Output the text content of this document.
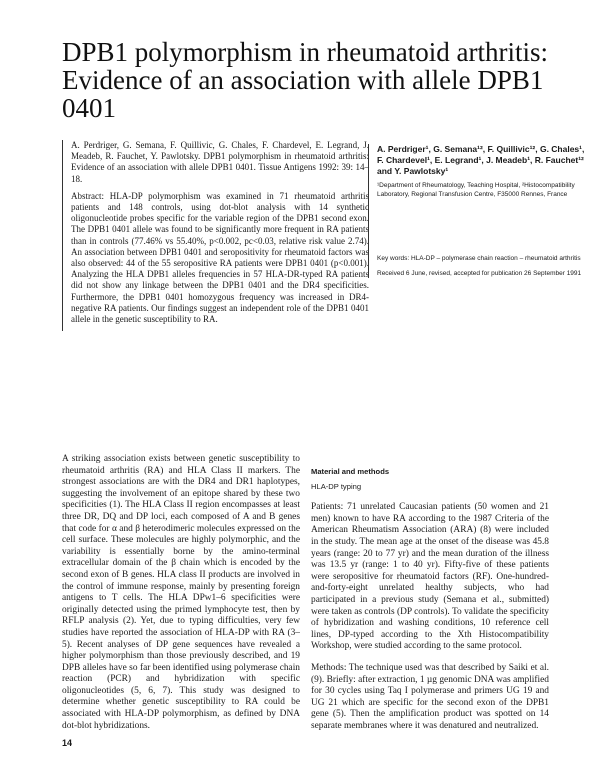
DPB1 polymorphism in rheumatoid arthritis:
Evidence of an association with allele DPB1
0401

A. Perdriger, G. Semana, F. Quillivic, G. Chales, F. Chardevel, E. Legrand, J. Meadeb, R. Fauchet, Y. Pawlotsky. DPB1 polymorphism in rheumatoid arthritis: Evidence of an association with allele DPB1 0401. Tissue Antigens 1992: 39: 14–18.

Abstract: HLA-DP polymorphism was examined in 71 rheumatoid arthritis patients and 148 controls, using dot-blot analysis with 14 synthetic oligonucleotide probes specific for the variable region of the DPB1 second exon. The DPB1 0401 allele was found to be significantly more frequent in RA patients than in controls (77.46% vs 55.40%, p<0.002, pc<0.03, relative risk value 2.74). An association between DPB1 0401 and seropositivity for rheumatoid factors was also observed: 44 of the 55 seropositive RA patients were DPB1 0401 (p<0.001). Analyzing the HLA DPB1 alleles frequencies in 57 HLA-DR-typed RA patients did not show any linkage between the DPB1 0401 and the DR4 specificities. Furthermore, the DPB1 0401 homozygous frequency was increased in DR4-negative RA patients. Our findings suggest an independent role of the DPB1 0401 allele in the genetic susceptibility to RA.

A. Perdriger¹, G. Semana¹², F. Quillivic¹², G. Chales¹, F. Chardevel¹, E. Legrand¹, J. Meadeb¹, R. Fauchet¹² and Y. Pawlotsky¹

¹Department of Rheumatology, Teaching Hospital, ²Histocompatibility Laboratory, Regional Transfusion Centre, F35000 Rennes, France

Key words: HLA-DP – polymerase chain reaction – rheumatoid arthritis

Received 6 June, revised, accepted for publication 26 September 1991

A striking association exists between genetic susceptibility to rheumatoid arthritis (RA) and HLA Class II markers. The strongest associations are with the DR4 and DR1 haplotypes, suggesting the involvement of an epitope shared by these two specificities (1). The HLA Class II region encompasses at least three DR, DQ and DP loci, each composed of A and B genes that code for α and β heterodimeric molecules expressed on the cell surface. These molecules are highly polymorphic, and the variability is essentially borne by the amino-terminal extracellular domain of the β chain which is encoded by the second exon of B genes. HLA class II products are involved in the control of immune response, mainly by presenting foreign antigens to T cells. The HLA DPw1–6 specificities were originally detected using the primed lymphocyte test, then by RFLP analysis (2). Yet, due to typing difficulties, very few studies have reported the association of HLA-DP with RA (3–5). Recent analyses of DP gene sequences have revealed a higher polymorphism than those previously described, and 19 DPB alleles have so far been identified using polymerase chain reaction (PCR) and hybridization with specific oligonucleotides (5, 6, 7). This study was designed to determine whether genetic susceptibility to RA could be associated with HLA-DP polymorphism, as defined by DNA dot-blot hybridizations.

Material and methods
HLA-DP typing

Patients: 71 unrelated Caucasian patients (50 women and 21 men) known to have RA according to the 1987 Criteria of the American Rheumatism Association (ARA) (8) were included in the study. The mean age at the onset of the disease was 45.8 years (range: 20 to 77 yr) and the mean duration of the illness was 13.5 yr (range: 1 to 40 yr). Fifty-five of these patients were seropositive for rheumatoid factors (RF). One-hundred-and-forty-eight unrelated healthy subjects, who had participated in a previous study (Semana et al., submitted) were taken as controls (DP controls). To validate the specificity of hybridization and washing conditions, 10 reference cell lines, DP-typed according to the Xth Histocompatibility Workshop, were studied according to the same protocol.

Methods: The technique used was that described by Saiki et al. (9). Briefly: after extraction, 1 µg genomic DNA was amplified for 30 cycles using Taq I polymerase and primers UG 19 and UG 21 which are specific for the second exon of the DPB1 gene (5). Then the amplification product was spotted on 14 separate membranes where it was denatured and neutralized.

14
